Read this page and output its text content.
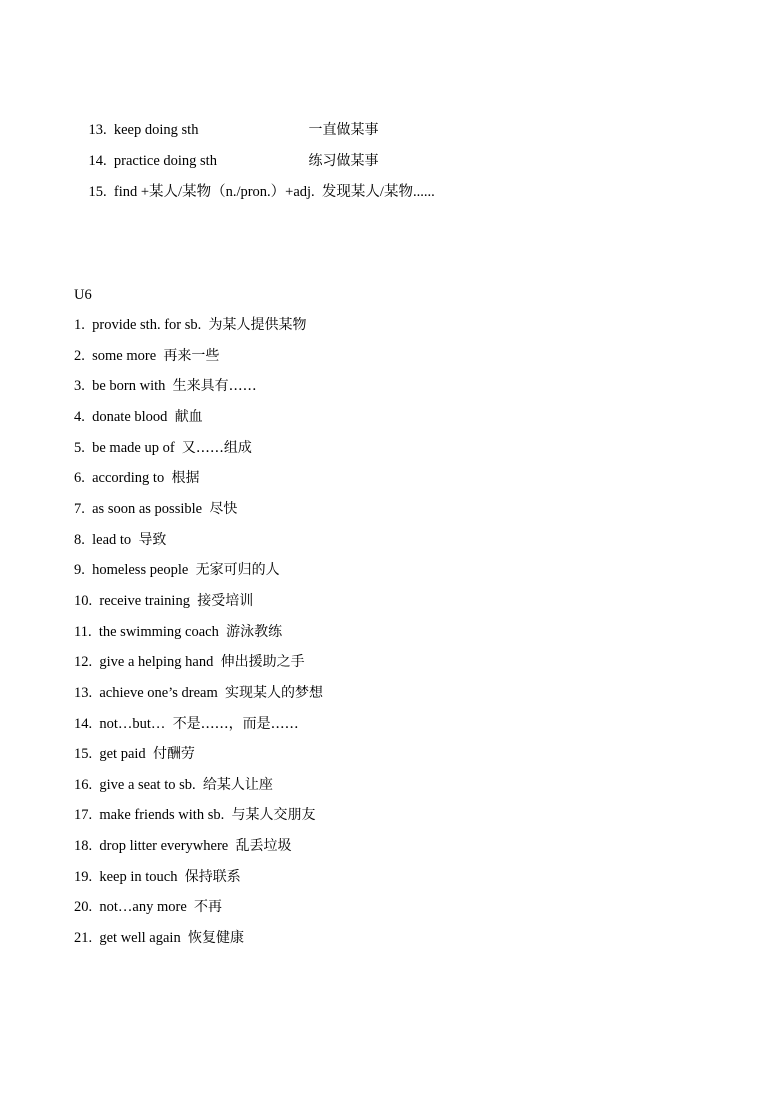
13. keep doing sth
	一直做某事

14. practice doing sth
	练习做某事

15. find +某人/某物（n./pron.）+adj.  发现某人/某物......

U6
1. provide sth. for sb. 为某人提供某物
2. some more 再来一些
3. be born with 生来具有……
4. donate blood 献血
5. be made up of 又……组成
6. according to 根据
7. as soon as possible 尽快
8. lead to 导致
9. homeless people 无家可归的人
10. receive training 接受培训
11. the swimming coach 游泳教练
12. give a helping hand 伸出援助之手
13. achieve one’s dream 实现某人的梦想
14. not…but… 不是……，而是……
15. get paid 付酬劳
16. give a seat to sb. 给某人让座
17. make friends with sb. 与某人交朋友
18. drop litter everywhere 乱丢垃圾
19. keep in touch 保持联系
20. not…any more 不再
21. get well again 恢复健康
